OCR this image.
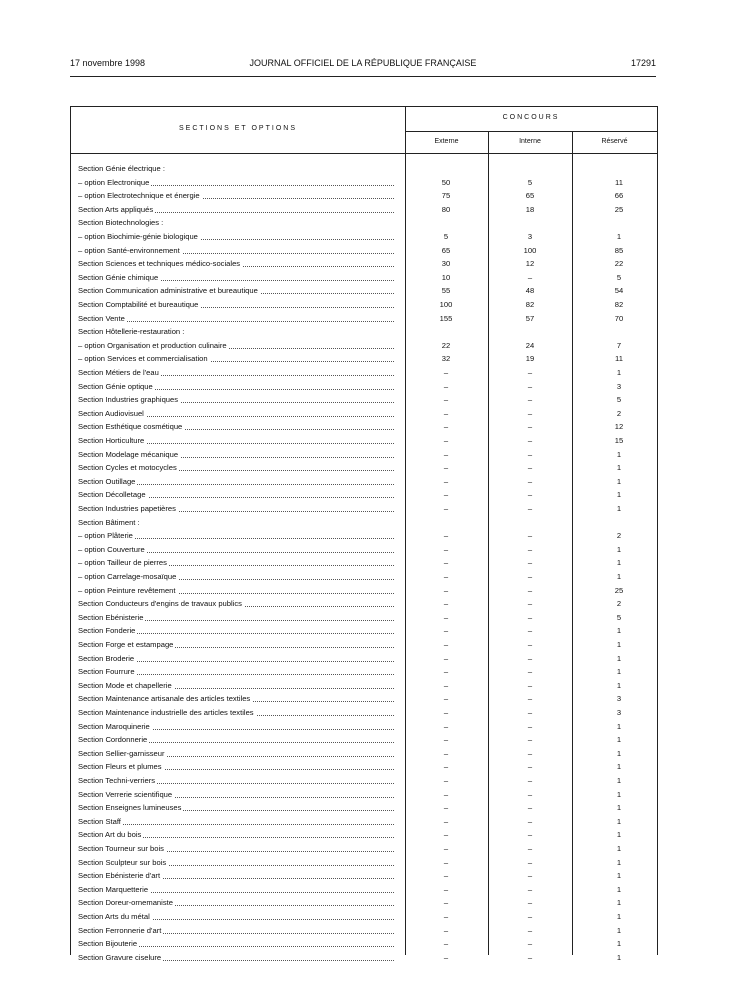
17 novembre 1998	JOURNAL OFFICIEL DE LA RÉPUBLIQUE FRANÇAISE	17291
SECTIONS ET OPTIONS
CONCOURS
Externe	Interne	Réservé
Section Génie électrique :
– option Electronique	50	5	11
– option Electrotechnique et énergie	75	65	66
Section Arts appliqués	80	18	25
Section Biotechnologies :
– option Biochimie-génie biologique	5	3	1
– option Santé-environnement	65	100	85
Section Sciences et techniques médico-sociales	30	12	22
Section Génie chimique	10	–	5
Section Communication administrative et bureautique	55	48	54
Section Comptabilité et bureautique	100	82	82
Section Vente	155	57	70
Section Hôtellerie-restauration :
– option Organisation et production culinaire	22	24	7
– option Services et commercialisation	32	19	11
Section Métiers de l'eau	–	–	1
Section Génie optique	–	–	3
Section Industries graphiques	–	–	5
Section Audiovisuel	–	–	2
Section Esthétique cosmétique	–	–	12
Section Horticulture	–	–	15
Section Modelage mécanique	–	–	1
Section Cycles et motocycles	–	–	1
Section Outillage	–	–	1
Section Décolletage	–	–	1
Section Industries papetières	–	–	1
Section Bâtiment :
– option Plâterie	–	–	2
– option Couverture	–	–	1
– option Tailleur de pierres	–	–	1
– option Carrelage-mosaïque	–	–	1
– option Peinture revêtement	–	–	25
Section Conducteurs d'engins de travaux publics	–	–	2
Section Ebénisterie	–	–	5
Section Fonderie	–	–	1
Section Forge et estampage	–	–	1
Section Broderie	–	–	1
Section Fourrure	–	–	1
Section Mode et chapellerie	–	–	1
Section Maintenance artisanale des articles textiles	–	–	3
Section Maintenance industrielle des articles textiles	–	–	3
Section Maroquinerie	–	–	1
Section Cordonnerie	–	–	1
Section Sellier-garnisseur	–	–	1
Section Fleurs et plumes	–	–	1
Section Techni-verriers	–	–	1
Section Verrerie scientifique	–	–	1
Section Enseignes lumineuses	–	–	1
Section Staff	–	–	1
Section Art du bois	–	–	1
Section Tourneur sur bois	–	–	1
Section Sculpteur sur bois	–	–	1
Section Ebénisterie d'art	–	–	1
Section Marquetterie	–	–	1
Section Doreur-ornemaniste	–	–	1
Section Arts du métal	–	–	1
Section Ferronnerie d'art	–	–	1
Section Bijouterie	–	–	1
Section Gravure ciselure	–	–	1
